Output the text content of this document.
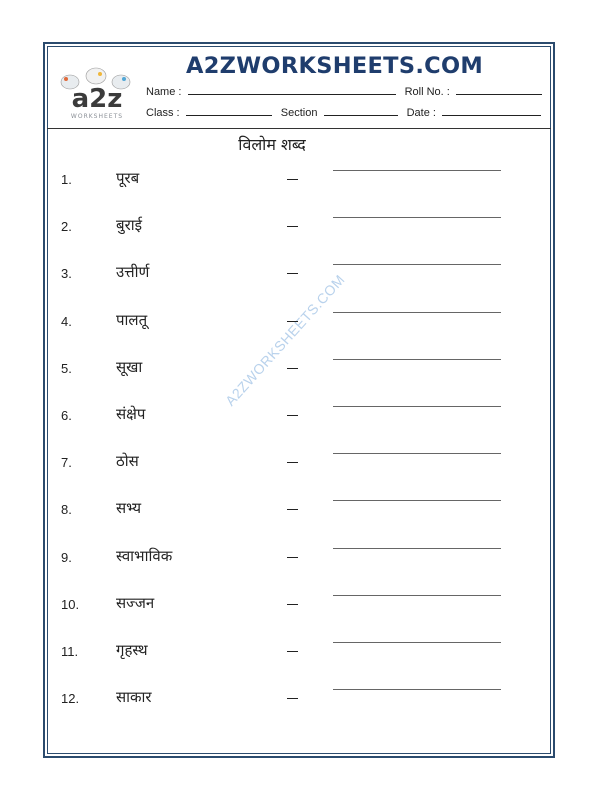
a2z
WORKSHEETS
A2ZWORKSHEETS.COM
Name :	Roll No. :
Class :	Section	Date :
विलोम शब्द
A2ZWORKSHEETS.COM
1.	पूरब
2.	बुराई
3.	उत्तीर्ण
4.	पालतू
5.	सूखा
6.	संक्षेप
7.	ठोस
8.	सभ्य
9.	स्वाभाविक
10. सज्जन
11.	गृहस्थ
12. साकार
